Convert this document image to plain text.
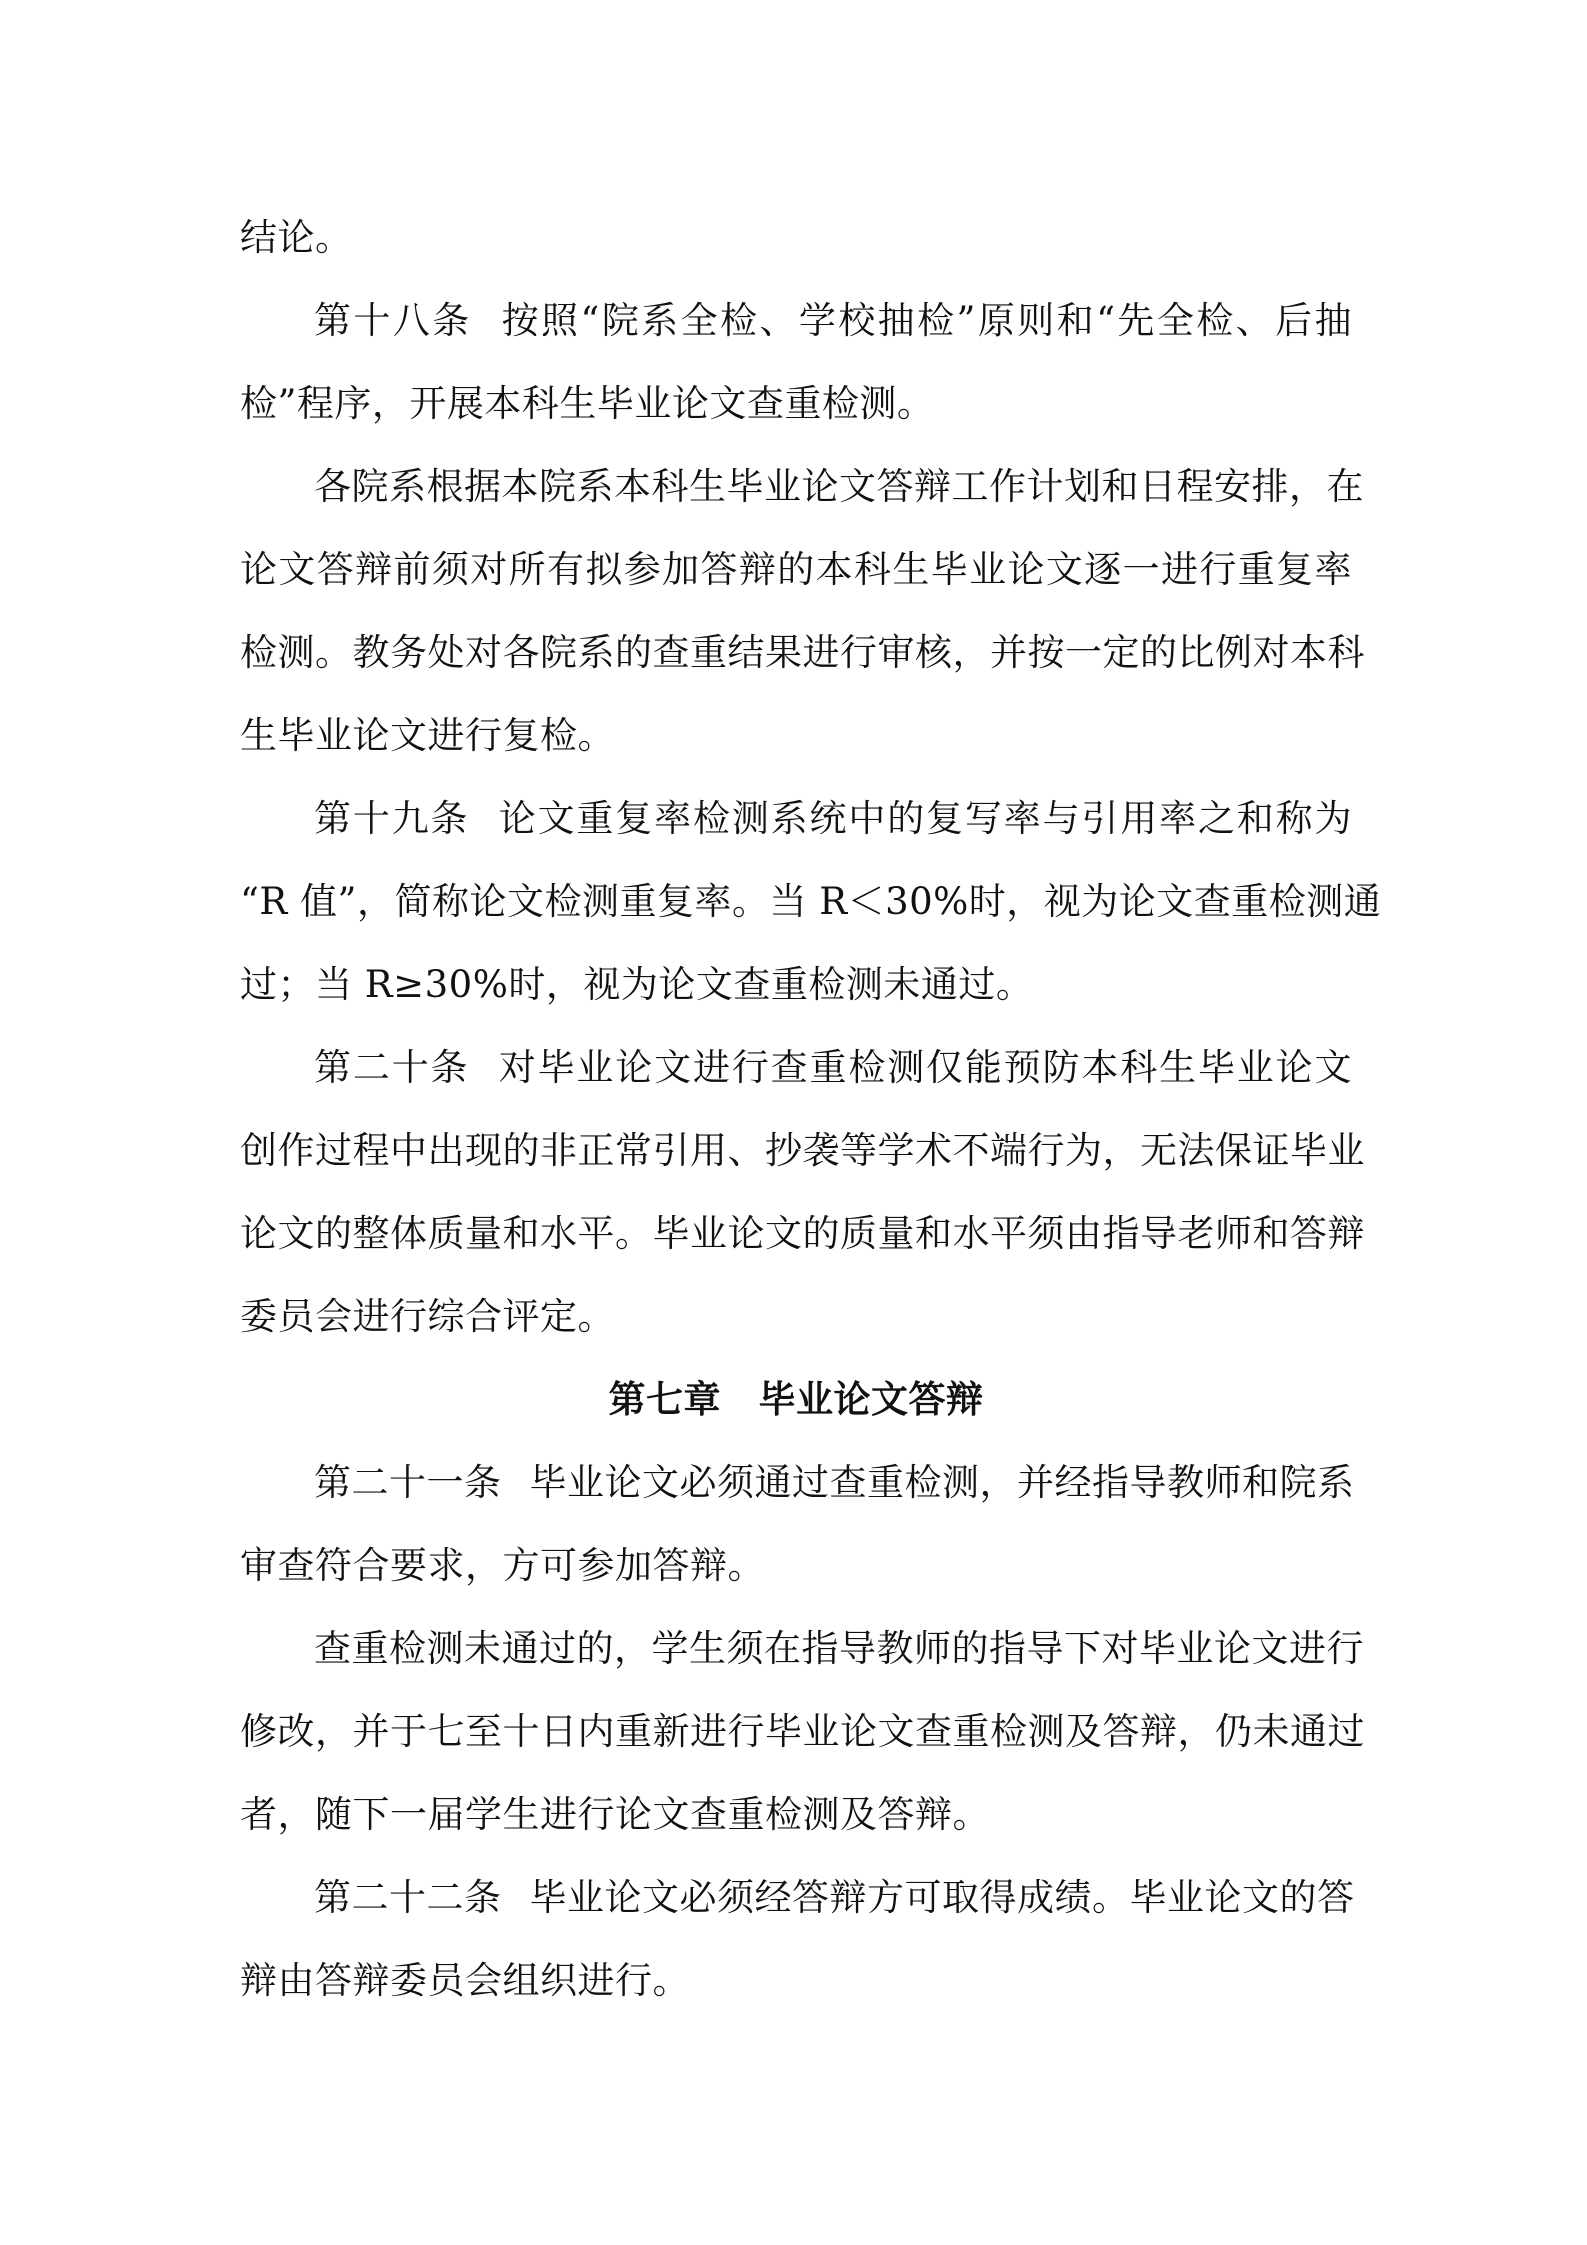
结论。
第十八条 按照“院系全检、学校抽检”原则和“先全检、后抽
检”程序，开展本科生毕业论文查重检测。
各院系根据本院系本科生毕业论文答辩工作计划和日程安排，在
论文答辩前须对所有拟参加答辩的本科生毕业论文逐一进行重复率
检测。教务处对各院系的查重结果进行审核，并按一定的比例对本科
生毕业论文进行复检。
第十九条 论文重复率检测系统中的复写率与引用率之和称为
“R 值”，简称论文检测重复率。当 R＜30%时，视为论文查重检测通
过；当 R≥30%时，视为论文查重检测未通过。
第二十条 对毕业论文进行查重检测仅能预防本科生毕业论文
创作过程中出现的非正常引用、抄袭等学术不端行为，无法保证毕业
论文的整体质量和水平。毕业论文的质量和水平须由指导老师和答辩
委员会进行综合评定。
第七章　毕业论文答辩
第二十一条 毕业论文必须通过查重检测，并经指导教师和院系
审查符合要求，方可参加答辩。
查重检测未通过的，学生须在指导教师的指导下对毕业论文进行
修改，并于七至十日内重新进行毕业论文查重检测及答辩，仍未通过
者，随下一届学生进行论文查重检测及答辩。
第二十二条 毕业论文必须经答辩方可取得成绩。毕业论文的答
辩由答辩委员会组织进行。
